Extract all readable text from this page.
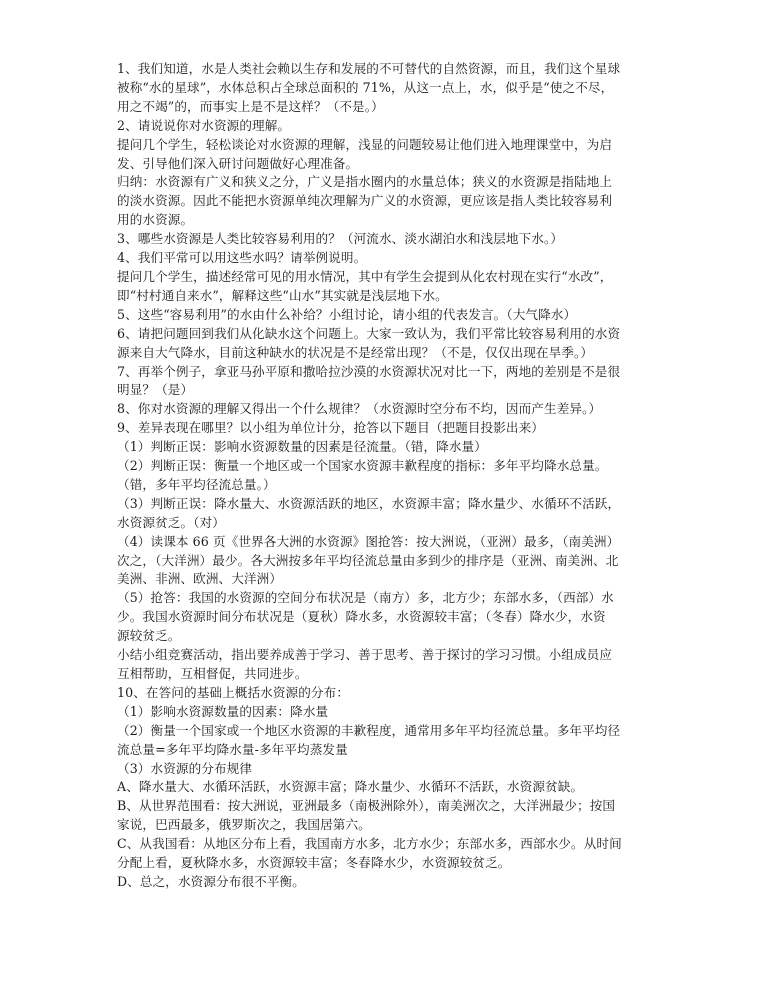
1、我们知道，水是人类社会赖以生存和发展的不可替代的自然资源，而且，我们这个星球
被称“水的星球”，水体总积占全球总面积的 71%，从这一点上，水，似乎是“使之不尽，
用之不竭”的，而事实上是不是这样？（不是。）
2、请说说你对水资源的理解。
提问几个学生，轻松谈论对水资源的理解，浅显的问题较易让他们进入地理课堂中，为启
发、引导他们深入研讨问题做好心理准备。
归纳：水资源有广义和狭义之分，广义是指水圈内的水量总体；狭义的水资源是指陆地上
的淡水资源。因此不能把水资源单纯次理解为广义的水资源，更应该是指人类比较容易利
用的水资源。
3、哪些水资源是人类比较容易利用的？（河流水、淡水湖泊水和浅层地下水。）
4、我们平常可以用这些水吗？请举例说明。
提问几个学生，描述经常可见的用水情况，其中有学生会提到从化农村现在实行“水改”，
即“村村通自来水”，解释这些“山水”其实就是浅层地下水。
5、这些“容易利用”的水由什么补给？小组讨论，请小组的代表发言。（大气降水）
6、请把问题回到我们从化缺水这个问题上。大家一致认为，我们平常比较容易利用的水资
源来自大气降水，目前这种缺水的状况是不是经常出现？（不是，仅仅出现在旱季。）
7、再举个例子，拿亚马孙平原和撒哈拉沙漠的水资源状况对比一下，两地的差别是不是很
明显？（是）
8、你对水资源的理解又得出一个什么规律？（水资源时空分布不均，因而产生差异。）
9、差异表现在哪里？以小组为单位计分，抢答以下题目（把题目投影出来）
（1）判断正误：影响水资源数量的因素是径流量。（错，降水量）
（2）判断正误：衡量一个地区或一个国家水资源丰歉程度的指标：多年平均降水总量。
（错，多年平均径流总量。）
（3）判断正误：降水量大、水资源活跃的地区，水资源丰富；降水量少、水循环不活跃，
水资源贫乏。（对）
（4）读课本 66 页《世界各大洲的水资源》图抢答：按大洲说，（亚洲）最多，（南美洲）
次之，（大洋洲）最少。各大洲按多年平均径流总量由多到少的排序是（亚洲、南美洲、北
美洲、非洲、欧洲、大洋洲）
（5）抢答：我国的水资源的空间分布状况是（南方）多，北方少；东部水多，（西部）水
少。我国水资源时间分布状况是（夏秋）降水多，水资源较丰富；（冬春）降水少，水资
源较贫乏。
小结小组竞赛活动，指出要养成善于学习、善于思考、善于探讨的学习习惯。小组成员应
互相帮助，互相督促，共同进步。
10、在答问的基础上概括水资源的分布：
（1）影响水资源数量的因素：降水量
（2）衡量一个国家或一个地区水资源的丰歉程度，通常用多年平均径流总量。多年平均径
流总量=多年平均降水量-多年平均蒸发量
（3）水资源的分布规律
A、降水量大、水循环活跃，水资源丰富；降水量少、水循环不活跃，水资源贫缺。
B、从世界范围看：按大洲说，亚洲最多（南极洲除外），南美洲次之，大洋洲最少；按国
家说，巴西最多，俄罗斯次之，我国居第六。
C、从我国看：从地区分布上看，我国南方水多，北方水少；东部水多，西部水少。从时间
分配上看，夏秋降水多，水资源较丰富；冬春降水少，水资源较贫乏。
D、总之，水资源分布很不平衡。
